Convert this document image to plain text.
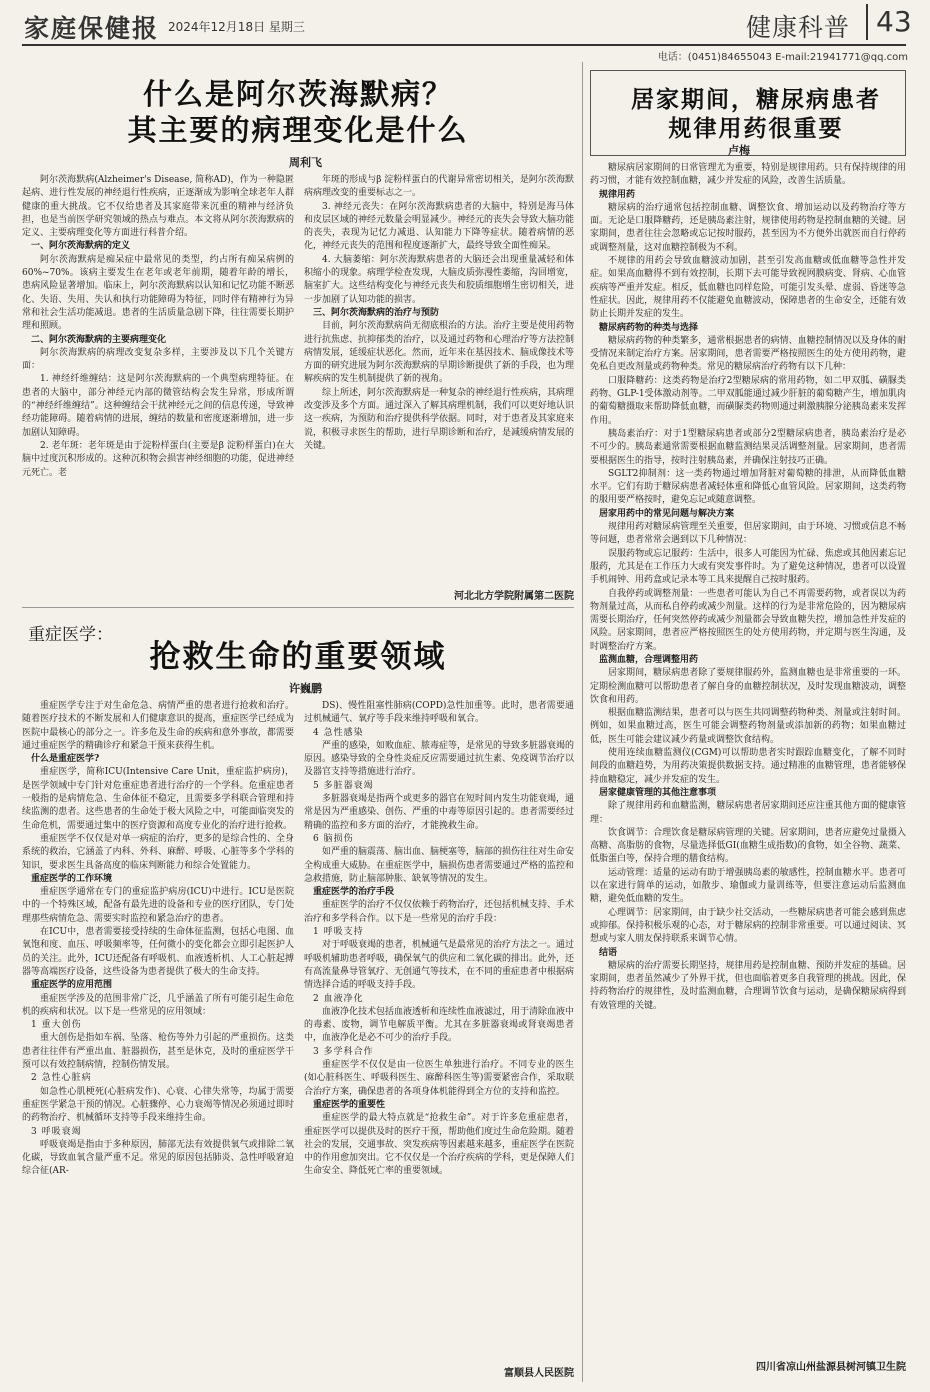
家庭保健报 2024年12月18日 星期三	健康科普 43
电话：(0451)84655043 E-mail:21941771@qq.com
什么是阿尔茨海默病？
其主要的病理变化是什么
周利飞

阿尔茨海默病(Alzheimer's Disease, 简称AD)，作为一种隐匿起病、进行性发展的神经退行性疾病，正逐渐成为影响全球老年人群健康的重大挑战。它不仅给患者及其家庭带来沉重的精神与经济负担，也是当前医学研究领域的热点与难点。本文将从阿尔茨海默病的定义、主要病理变化等方面进行科普介绍。

一、阿尔茨海默病的定义

阿尔茨海默病是痴呆症中最常见的类型，约占所有痴呆病例的60%~70%。该病主要发生在老年或老年前期，随着年龄的增长，患病风险显著增加。临床上，阿尔茨海默病以认知和记忆功能不断恶化、失语、失用、失认和执行功能障碍为特征，同时伴有精神行为异常和社会生活功能减退。患者的生活质量急剧下降，往往需要长期护理和照顾。

二、阿尔茨海默病的主要病理变化

阿尔茨海默病的病理改变复杂多样，主要涉及以下几个关键方面：

1. 神经纤维缠结：这是阿尔茨海默病的一个典型病理特征。在患者的大脑中，部分神经元内部的微管结构会发生异常，形成所谓的“神经纤维缠结”。这种缠结会干扰神经元之间的信息传递，导致神经功能障碍。随着病情的进展，缠结的数量和密度逐渐增加，进一步加剧认知障碍。

2. 老年斑：老年斑是由于淀粉样蛋白(主要是β 淀粉样蛋白)在大脑中过度沉积形成的。这种沉积物会损害神经细胞的功能，促进神经元死亡。老

年斑的形成与β 淀粉样蛋白的代谢异常密切相关，是阿尔茨海默病病理改变的重要标志之一。

3. 神经元丧失：在阿尔茨海默病患者的大脑中，特别是海马体和皮层区域的神经元数量会明显减少。神经元的丧失会导致大脑功能的丧失，表现为记忆力减退、认知能力下降等症状。随着病情的恶化，神经元丧失的范围和程度逐渐扩大，最终导致全面性痴呆。

4. 大脑萎缩：阿尔茨海默病患者的大脑还会出现重量减轻和体积缩小的现象。病理学检查发现，大脑皮质弥漫性萎缩，沟回增宽，脑室扩大。这些结构变化与神经元丧失和胶质细胞增生密切相关，进一步加剧了认知功能的损害。

三、阿尔茨海默病的治疗与预防

目前，阿尔茨海默病尚无彻底根治的方法。治疗主要是使用药物进行抗焦虑、抗抑郁类的治疗，以及通过药物和心理治疗等方法控制病情发展，延缓症状恶化。然而，近年来在基因技术、脑成像技术等方面的研究进展为阿尔茨海默病的早期诊断提供了新的手段，也为理解疾病的发生机制提供了新的视角。

综上所述，阿尔茨海默病是一种复杂的神经退行性疾病，其病理改变涉及多个方面。通过深入了解其病理机制，我们可以更好地认识这一疾病，为预防和治疗提供科学依据。同时，对于患者及其家庭来说，积极寻求医生的帮助，进行早期诊断和治疗，是减缓病情发展的关键。

河北北方学院附属第二医院
重症医学：
抢救生命的重要领域
许巍鹏

重症医学专注于对生命危急、病情严重的患者进行抢救和治疗。随着医疗技术的不断发展和人们健康意识的提高，重症医学已经成为医院中最核心的部分之一。许多危及生命的疾病和意外事故，都需要通过重症医学的精确诊疗和紧急干预来获得生机。

什么是重症医学?

重症医学，简称ICU(Intensive Care Unit，重症监护病房)，是医学领域中专门针对危重症患者进行治疗的一个学科。危重症患者一般指的是病情危急、生命体征不稳定，且需要多学科联合管理和持续监测的患者。这些患者的生命处于极大风险之中，可能面临突发的生命危机，需要通过集中的医疗资源和高度专业化的治疗进行抢救。

重症医学不仅仅是对单一病症的治疗，更多的是综合性的、全身系统的救治，它涵盖了内科、外科、麻醉、呼吸、心脏等多个学科的知识，要求医生具备高度的临床判断能力和综合处置能力。

重症医学的工作环境

重症医学通常在专门的重症监护病房(ICU)中进行。ICU是医院中的一个特殊区域，配备有最先进的设备和专业的医疗团队，专门处理那些病情危急、需要实时监控和紧急治疗的患者。

在ICU中，患者需要接受持续的生命体征监测，包括心电图、血氧饱和度、血压、呼吸频率等，任何微小的变化都会立即引起医护人员的关注。此外，ICU还配备有呼吸机、血液透析机、人工心脏起搏器等高端医疗设备，这些设备为患者提供了极大的生命支持。

重症医学的应用范围

重症医学涉及的范围非常广泛，几乎涵盖了所有可能引起生命危机的疾病和状况。以下是一些常见的应用领域：

1 重大创伤

重大创伤是指如车祸、坠落、枪伤等外力引起的严重损伤。这类患者往往伴有严重出血、脏器损伤，甚至是休克，及时的重症医学干预可以有效控制病情，控制伤情发展。

2 急性心脏病

如急性心肌梗死(心脏病发作)、心衰、心律失常等，均属于需要重症医学紧急干预的情况。心脏骤停、心力衰竭等情况必须通过即时的药物治疗、机械循环支持等手段来维持生命。

3 呼吸衰竭

呼吸衰竭是指由于多种原因，肺部无法有效提供氧气或排除二氧化碳，导致血氧含量严重不足。常见的原因包括肺炎、急性呼吸窘迫综合征(AR-

DS)、慢性阻塞性肺病(COPD)急性加重等。此时，患者需要通过机械通气、氧疗等手段来维持呼吸和氧合。

4 急性感染

严重的感染，如败血症、脓毒症等，是常见的导致多脏器衰竭的原因。感染导致的全身性炎症反应需要通过抗生素、免疫调节治疗以及器官支持等措施进行治疗。

5 多脏器衰竭

多脏器衰竭是指两个或更多的器官在短时间内发生功能衰竭，通常是因为严重感染、创伤、严重的中毒等原因引起的。患者需要经过精确的监控和多方面的治疗，才能挽救生命。

6 脑损伤

如严重的脑震荡、脑出血、脑梗塞等，脑部的损伤往往对生命安全构成重大威胁。在重症医学中，脑损伤患者需要通过严格的监控和急救措施，防止脑部肿胀、缺氧等情况的发生。

重症医学的治疗手段

重症医学的治疗不仅仅依赖于药物治疗，还包括机械支持、手术治疗和多学科合作。以下是一些常见的治疗手段：

1 呼吸支持

对于呼吸衰竭的患者，机械通气是最常见的治疗方法之一。通过呼吸机辅助患者呼吸，确保氧气的供应和二氧化碳的排出。此外，还有高流量鼻导管氧疗、无创通气等技术，在不同的重症患者中根据病情选择合适的呼吸支持手段。

2 血液净化

血液净化技术包括血液透析和连续性血液滤过，用于清除血液中的毒素、废物，调节电解质平衡。尤其在多脏器衰竭或肾衰竭患者中，血液净化是必不可少的治疗手段。

3 多学科合作

重症医学不仅仅是由一位医生单独进行治疗。不同专业的医生(如心脏科医生、呼吸科医生、麻醉科医生等)需要紧密合作，采取联合治疗方案，确保患者的各项身体机能得到全方位的支持和监控。

重症医学的重要性

重症医学的最大特点就是“抢救生命”。对于许多危重症患者，重症医学可以提供及时的医疗干预，帮助他们度过生命危险期。随着社会的发展，交通事故、突发疾病等因素越来越多，重症医学在医院中的作用愈加突出。它不仅仅是一个治疗疾病的学科，更是保障人们生命安全、降低死亡率的重要领域。

富顺县人民医院
居家期间，糖尿病患者
规律用药很重要
卢梅

糖尿病居家期间的日常管理尤为重要，特别是规律用药。只有保持规律的用药习惯，才能有效控制血糖，减少并发症的风险，改善生活质量。

规律用药

糖尿病的治疗通常包括控制血糖、调整饮食、增加运动以及药物治疗等方面。无论是口服降糖药，还是胰岛素注射，规律使用药物是控制血糖的关键。居家期间，患者往往会忽略或忘记按时服药，甚至因为不方便外出就医而自行停药或调整剂量，这对血糖控制极为不利。

不规律的用药会导致血糖波动加剧，甚至引发高血糖或低血糖等急性并发症。如果高血糖得不到有效控制，长期下去可能导致视网膜病变、肾病、心血管疾病等严重并发症。相反，低血糖也同样危险，可能引发头晕、虚弱、昏迷等急性症状。因此，规律用药不仅能避免血糖波动，保障患者的生命安全，还能有效防止长期并发症的发生。

糖尿病药物的种类与选择

糖尿病药物的种类繁多，通常根据患者的病情、血糖控制情况以及身体的耐受情况来制定治疗方案。居家期间，患者需要严格按照医生的处方使用药物，避免私自更改剂量或药物种类。常见的糖尿病治疗药物有以下几种：

口服降糖药：这类药物是治疗2型糖尿病的常用药物，如二甲双胍、磺脲类药物、GLP-1受体激动剂等。二甲双胍能通过减少肝脏的葡萄糖产生，增加肌肉的葡萄糖摄取来帮助降低血糖，而磺脲类药物则通过刺激胰腺分泌胰岛素来发挥作用。

胰岛素治疗：对于1型糖尿病患者或部分2型糖尿病患者，胰岛素治疗是必不可少的。胰岛素通常需要根据血糖监测结果灵活调整剂量。居家期间，患者需要根据医生的指导，按时注射胰岛素，并确保注射技巧正确。

SGLT2抑制剂：这一类药物通过增加肾脏对葡萄糖的排泄，从而降低血糖水平。它们有助于糖尿病患者减轻体重和降低心血管风险。居家期间，这类药物的服用要严格按时，避免忘记或随意调整。

居家用药中的常见问题与解决方案

规律用药对糖尿病管理至关重要，但居家期间，由于环境、习惯或信息不畅等问题，患者常常会遇到以下几种情况：

误服药物或忘记服药：生活中，很多人可能因为忙碌、焦虑或其他因素忘记服药，尤其是在工作压力大或有突发事件时。为了避免这种情况，患者可以设置手机闹钟、用药盒或记录本等工具来提醒自己按时服药。

自我停药或调整剂量：一些患者可能认为自己不再需要药物，或者误以为药物剂量过高，从而私自停药或减少剂量。这样的行为是非常危险的，因为糖尿病需要长期治疗，任何突然停药或减少剂量都会导致血糖失控，增加急性并发症的风险。居家期间，患者应严格按照医生的处方使用药物，并定期与医生沟通，及时调整治疗方案。

监测血糖，合理调整用药

居家期间，糖尿病患者除了要规律服药外，监测血糖也是非常重要的一环。定期检测血糖可以帮助患者了解自身的血糖控制状况，及时发现血糖波动，调整饮食和用药。

根据血糖监测结果，患者可以与医生共同调整药物种类、剂量或注射时间。例如，如果血糖过高，医生可能会调整药物剂量或添加新的药物；如果血糖过低，医生可能会建议减少药量或调整饮食结构。

使用连续血糖监测仪(CGM)可以帮助患者实时跟踪血糖变化，了解不同时间段的血糖趋势，为用药决策提供数据支持。通过精准的血糖管理，患者能够保持血糖稳定，减少并发症的发生。

居家健康管理的其他注意事项

除了规律用药和血糖监测，糖尿病患者居家期间还应注重其他方面的健康管理：

饮食调节：合理饮食是糖尿病管理的关键。居家期间，患者应避免过量摄入高糖、高脂肪的食物，尽量选择低GI(血糖生成指数)的食物，如全谷物、蔬菜、低脂蛋白等，保持合理的膳食结构。

运动管理：适量的运动有助于增强胰岛素的敏感性，控制血糖水平。患者可以在家进行简单的运动，如散步、瑜伽或力量训练等，但要注意运动后监测血糖，避免低血糖的发生。

心理调节：居家期间，由于缺少社交活动，一些糖尿病患者可能会感到焦虑或抑郁。保持积极乐观的心态，对于糖尿病的控制非常重要。可以通过阅读、冥想或与家人朋友保持联系来调节心情。

结语

糖尿病的治疗需要长期坚持，规律用药是控制血糖、预防并发症的基础。居家期间，患者虽然减少了外界干扰，但也面临着更多自我管理的挑战。因此，保持药物治疗的规律性，及时监测血糖，合理调节饮食与运动，是确保糖尿病得到有效管理的关键。

四川省凉山州盐源县树河镇卫生院
